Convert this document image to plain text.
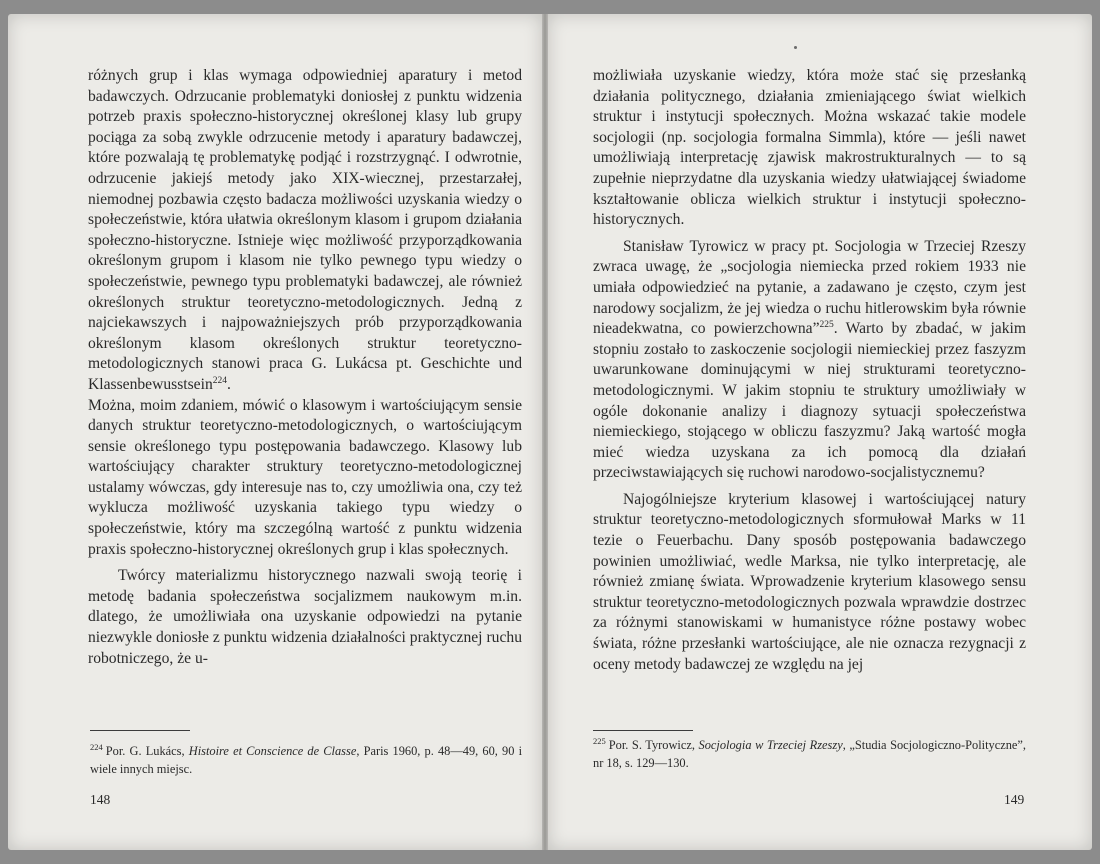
różnych grup i klas wymaga odpowiedniej aparatury i metod badawczych. Odrzucanie problematyki doniosłej z punktu widzenia potrzeb praxis społeczno-historycznej określonej klasy lub grupy pociąga za sobą zwykle odrzucenie metody i aparatury badawczej, które pozwalają tę problematykę podjąć i rozstrzygnąć. I odwrotnie, odrzucenie jakiejś metody jako XIX-wiecznej, przestarzałej, niemodnej pozbawia często badacza możliwości uzyskania wiedzy o społeczeństwie, która ułatwia określonym klasom i grupom działania społeczno-historyczne. Istnieje więc możliwość przyporządkowania określonym grupom i klasom nie tylko pewnego typu wiedzy o społeczeństwie, pewnego typu problematyki badawczej, ale również określonych struktur teoretyczno-metodologicznych. Jedną z najciekawszych i najpoważniejszych prób przyporządkowania określonym klasom określonych struktur teoretyczno-metodologicznych stanowi praca G. Lukácsa pt. Geschichte und Klassenbewusstsein$^{224}$.

Można, moim zdaniem, mówić o klasowym i wartościującym sensie danych struktur teoretyczno-metodologicznych, o wartościującym sensie określonego typu postępowania badawczego. Klasowy lub wartościujący charakter struktury teoretyczno-metodologicznej ustalamy wówczas, gdy interesuje nas to, czy umożliwia ona, czy też wyklucza możliwość uzyskania takiego typu wiedzy o społeczeństwie, który ma szczególną wartość z punktu widzenia praxis społeczno-historycznej określonych grup i klas społecznych.

Twórcy materializmu historycznego nazwali swoją teorię i metodę badania społeczeństwa socjalizmem naukowym m.in. dlatego, że umożliwiała ona uzyskanie odpowiedzi na pytanie niezwykle doniosłe z punktu widzenia działalności praktycznej ruchu robotniczego, że u-

$^{224}$ Por. G. Lukács, Histoire et Conscience de Classe, Paris 1960, p. 48—49, 60, 90 i wiele innych miejsc.
148

możliwiała uzyskanie wiedzy, która może stać się przesłanką działania politycznego, działania zmieniającego świat wielkich struktur i instytucji społecznych. Można wskazać takie modele socjologii (np. socjologia formalna Simmla), które — jeśli nawet umożliwiają interpretację zjawisk makrostrukturalnych — to są zupełnie nieprzydatne dla uzyskania wiedzy ułatwiającej świadome kształtowanie oblicza wielkich struktur i instytucji społeczno-historycznych.

Stanisław Tyrowicz w pracy pt. Socjologia w Trzeciej Rzeszy zwraca uwagę, że „socjologia niemiecka przed rokiem 1933 nie umiała odpowiedzieć na pytanie, a zadawano je często, czym jest narodowy socjalizm, że jej wiedza o ruchu hitlerowskim była równie nieadekwatna, co powierzchowna”$^{225}$. Warto by zbadać, w jakim stopniu zostało to zaskoczenie socjologii niemieckiej przez faszyzm uwarunkowane dominującymi w niej strukturami teoretyczno-metodologicznymi. W jakim stopniu te struktury umożliwiały w ogóle dokonanie analizy i diagnozy sytuacji społeczeństwa niemieckiego, stojącego w obliczu faszyzmu? Jaką wartość mogła mieć wiedza uzyskana za ich pomocą dla działań przeciwstawiających się ruchowi narodowo-socjalistycznemu?

Najogólniejsze kryterium klasowej i wartościującej natury struktur teoretyczno-metodologicznych sformułował Marks w 11 tezie o Feuerbachu. Dany sposób postępowania badawczego powinien umożliwiać, wedle Marksa, nie tylko interpretację, ale również zmianę świata. Wprowadzenie kryterium klasowego sensu struktur teoretyczno-metodologicznych pozwala wprawdzie dostrzec za różnymi stanowiskami w humanistyce różne postawy wobec świata, różne przesłanki wartościujące, ale nie oznacza rezygnacji z oceny metody badawczej ze względu na jej

$^{225}$ Por. S. Tyrowicz, Socjologia w Trzeciej Rzeszy, „Studia Socjologiczno-Polityczne”, nr 18, s. 129—130.
149
